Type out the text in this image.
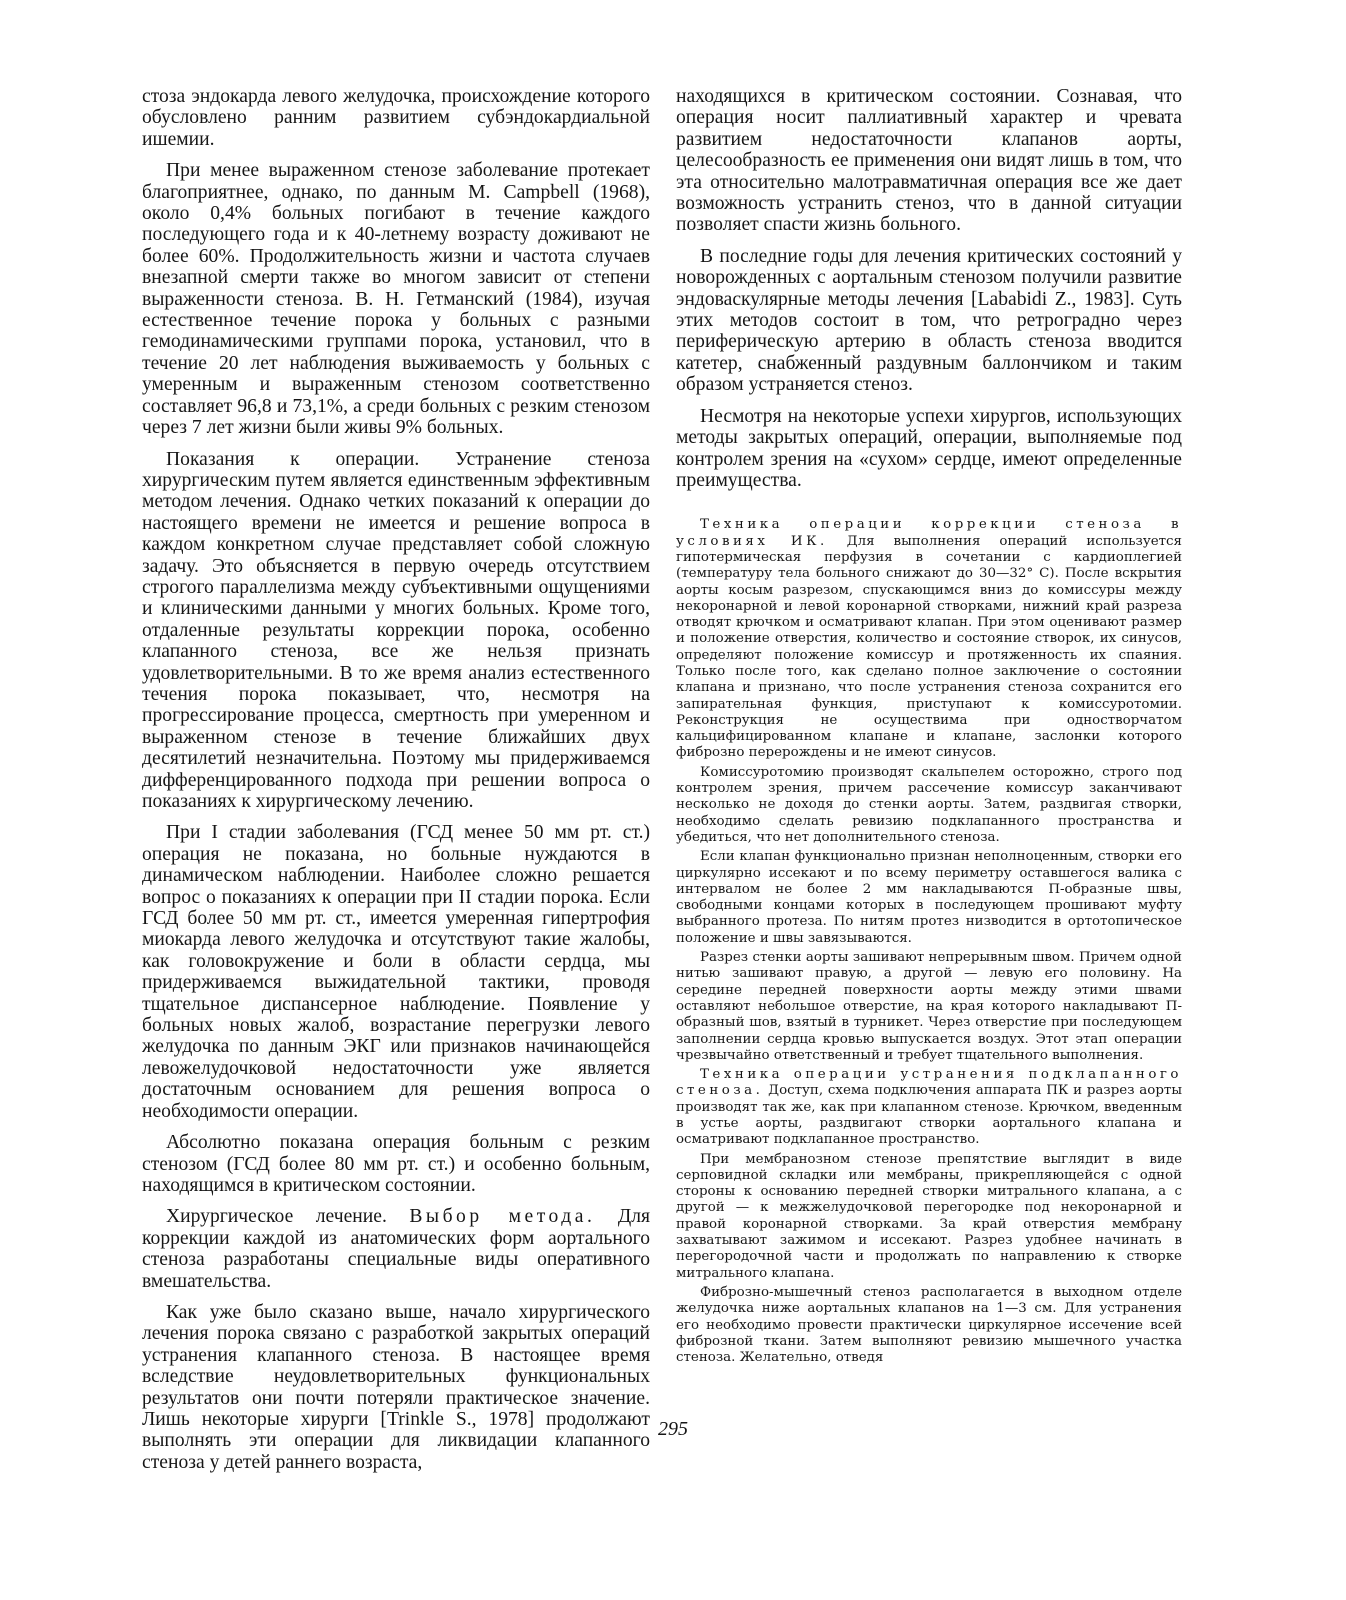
стоза эндокарда левого желудочка, происхождение которого обусловлено ранним развитием субэндокардиальной ишемии.

При менее выраженном стенозе заболевание протекает благоприятнее, однако, по данным M. Campbell (1968), около 0,4% больных погибают в течение каждого последующего года и к 40-летнему возрасту доживают не более 60%. Продолжительность жизни и частота случаев внезапной смерти также во многом зависит от степени выраженности стеноза. В. Н. Гетманский (1984), изучая естественное течение порока у больных с разными гемодинамическими группами порока, установил, что в течение 20 лет наблюдения выживаемость у больных с умеренным и выраженным стенозом соответственно составляет 96,8 и 73,1%, а среди больных с резким стенозом через 7 лет жизни были живы 9% больных.

Показания к операции. Устранение стеноза хирургическим путем является единственным эффективным методом лечения. Однако четких показаний к операции до настоящего времени не имеется и решение вопроса в каждом конкретном случае представляет собой сложную задачу. Это объясняется в первую очередь отсутствием строгого параллелизма между субъективными ощущениями и клиническими данными у многих больных. Кроме того, отдаленные результаты коррекции порока, особенно клапанного стеноза, все же нельзя признать удовлетворительными. В то же время анализ естественного течения порока показывает, что, несмотря на прогрессирование процесса, смертность при умеренном и выраженном стенозе в течение ближайших двух десятилетий незначительна. Поэтому мы придерживаемся дифференцированного подхода при решении вопроса о показаниях к хирургическому лечению.

При I стадии заболевания (ГСД менее 50 мм рт. ст.) операция не показана, но больные нуждаются в динамическом наблюдении. Наиболее сложно решается вопрос о показаниях к операции при II стадии порока. Если ГСД более 50 мм рт. ст., имеется умеренная гипертрофия миокарда левого желудочка и отсутствуют такие жалобы, как головокружение и боли в области сердца, мы придерживаемся выжидательной тактики, проводя тщательное диспансерное наблюдение. Появление у больных новых жалоб, возрастание перегрузки левого желудочка по данным ЭКГ или признаков начинающейся левожелудочковой недостаточности уже является достаточным основанием для решения вопроса о необходимости операции.

Абсолютно показана операция больным с резким стенозом (ГСД более 80 мм рт. ст.) и особенно больным, находящимся в критическом состоянии.

Хирургическое лечение. Выбор метода. Для коррекции каждой из анатомических форм аортального стеноза разработаны специальные виды оперативного вмешательства.

Как уже было сказано выше, начало хирургического лечения порока связано с разработкой закрытых операций устранения клапанного стеноза. В настоящее время вследствие неудовлетворительных функциональных результатов они почти потеряли практическое значение. Лишь некоторые хирурги [Trinkle S., 1978] продолжают выполнять эти операции для ликвидации клапанного стеноза у детей раннего возраста,

находящихся в критическом состоянии. Сознавая, что операция носит паллиативный характер и чревата развитием недостаточности клапанов аорты, целесообразность ее применения они видят лишь в том, что эта относительно малотравматичная операция все же дает возможность устранить стеноз, что в данной ситуации позволяет спасти жизнь больного.

В последние годы для лечения критических состояний у новорожденных с аортальным стенозом получили развитие эндоваскулярные методы лечения [Lababidi Z., 1983]. Суть этих методов состоит в том, что ретроградно через периферическую артерию в область стеноза вводится катетер, снабженный раздувным баллончиком и таким образом устраняется стеноз.

Несмотря на некоторые успехи хирургов, использующих методы закрытых операций, операции, выполняемые под контролем зрения на «сухом» сердце, имеют определенные преимущества.

Техника операции коррекции стеноза в условиях ИК. Для выполнения операций используется гипотермическая перфузия в сочетании с кардиоплегией (температуру тела больного снижают до 30—32° С). После вскрытия аорты косым разрезом, спускающимся вниз до комиссуры между некоронарной и левой коронарной створками, нижний край разреза отводят крючком и осматривают клапан. При этом оценивают размер и положение отверстия, количество и состояние створок, их синусов, определяют положение комиссур и протяженность их спаяния. Только после того, как сделано полное заключение о состоянии клапана и признано, что после устранения стеноза сохранится его запирательная функция, приступают к комиссуротомии. Реконструкция не осуществима при одностворчатом кальцифицированном клапане и клапане, заслонки которого фиброзно перерождены и не имеют синусов.

Комиссуротомию производят скальпелем осторожно, строго под контролем зрения, причем рассечение комиссур заканчивают несколько не доходя до стенки аорты. Затем, раздвигая створки, необходимо сделать ревизию подклапанного пространства и убедиться, что нет дополнительного стеноза.

Если клапан функционально признан неполноценным, створки его циркулярно иссекают и по всему периметру оставшегося валика с интервалом не более 2 мм накладываются П-образные швы, свободными концами которых в последующем прошивают муфту выбранного протеза. По нитям протез низводится в ортотопическое положение и швы завязываются.

Разрез стенки аорты зашивают непрерывным швом. Причем одной нитью зашивают правую, а другой — левую его половину. На середине передней поверхности аорты между этими швами оставляют небольшое отверстие, на края которого накладывают П-образный шов, взятый в турникет. Через отверстие при последующем заполнении сердца кровью выпускается воздух. Этот этап операции чрезвычайно ответственный и требует тщательного выполнения.

Техника операции устранения подклапанного стеноза. Доступ, схема подключения аппарата ПК и разрез аорты производят так же, как при клапанном стенозе. Крючком, введенным в устье аорты, раздвигают створки аортального клапана и осматривают подклапанное пространство.

При мембранозном стенозе препятствие выглядит в виде серповидной складки или мембраны, прикрепляющейся с одной стороны к основанию передней створки митрального клапана, а с другой — к межжелудочковой перегородке под некоронарной и правой коронарной створками. За край отверстия мембрану захватывают зажимом и иссекают. Разрез удобнее начинать в перегородочной части и продолжать по направлению к створке митрального клапана.

Фиброзно-мышечный стеноз располагается в выходном отделе желудочка ниже аортальных клапанов на 1—3 см. Для устранения его необходимо провести практически циркулярное иссечение всей фиброзной ткани. Затем выполняют ревизию мышечного участка стеноза. Желательно, отведя

295
